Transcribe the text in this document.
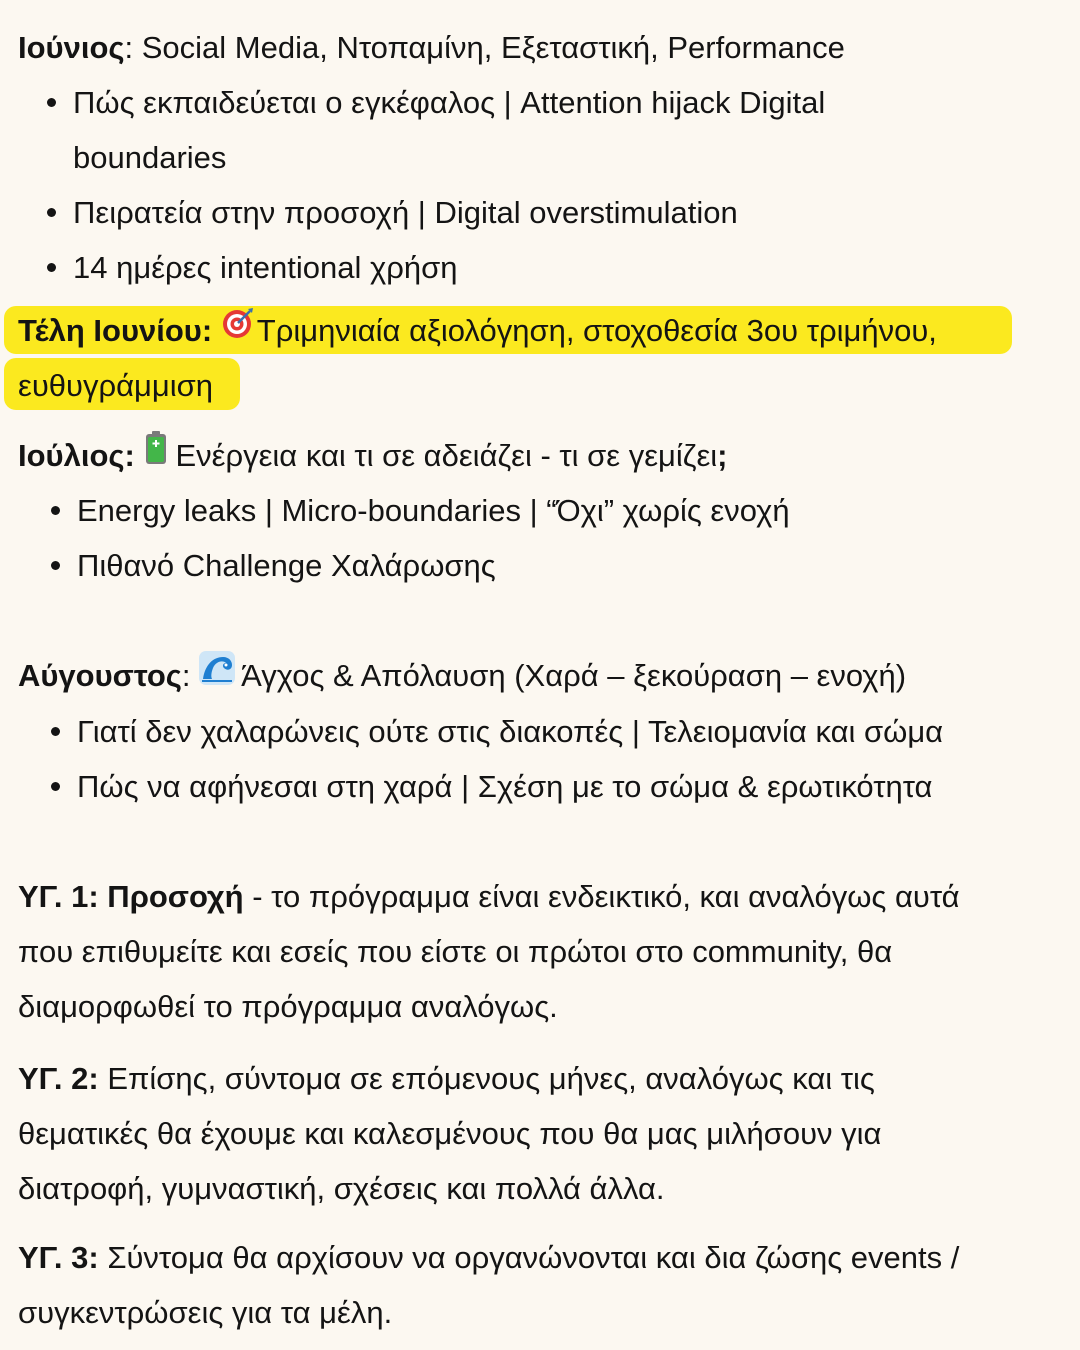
Ιούνιος: Social Media, Ντοπαμίνη, Εξεταστική, Performance
Πώς εκπαιδεύεται ο εγκέφαλος | Attention hijack Digital
boundaries
Πειρατεία στην προσοχή | Digital overstimulation
14 ημέρες intentional χρήση
Τέλη Ιουνίου: Τριμηνιαία αξιολόγηση, στοχοθεσία 3ου τριμήνου,
ευθυγράμμιση
Ιούλιος: Ενέργεια και τι σε αδειάζει - τι σε γεμίζει;
Energy leaks | Micro-boundaries | “Όχι” χωρίς ενοχή
Πιθανό Challenge Χαλάρωσης
Αύγουστος: Άγχος & Απόλαυση (Χαρά – ξεκούραση – ενοχή)
Γιατί δεν χαλαρώνεις ούτε στις διακοπές | Τελειομανία και σώμα
Πώς να αφήνεσαι στη χαρά | Σχέση με το σώμα & ερωτικότητα
ΥΓ. 1: Προσοχή - το πρόγραμμα είναι ενδεικτικό, και αναλόγως αυτά
που επιθυμείτε και εσείς που είστε οι πρώτοι στο community, θα
διαμορφωθεί το πρόγραμμα αναλόγως.
ΥΓ. 2: Επίσης, σύντομα σε επόμενους μήνες, αναλόγως και τις
θεματικές θα έχουμε και καλεσμένους που θα μας μιλήσουν για
διατροφή, γυμναστική, σχέσεις και πολλά άλλα.
ΥΓ. 3: Σύντομα θα αρχίσουν να οργανώνονται και δια ζώσης events /
συγκεντρώσεις για τα μέλη.
